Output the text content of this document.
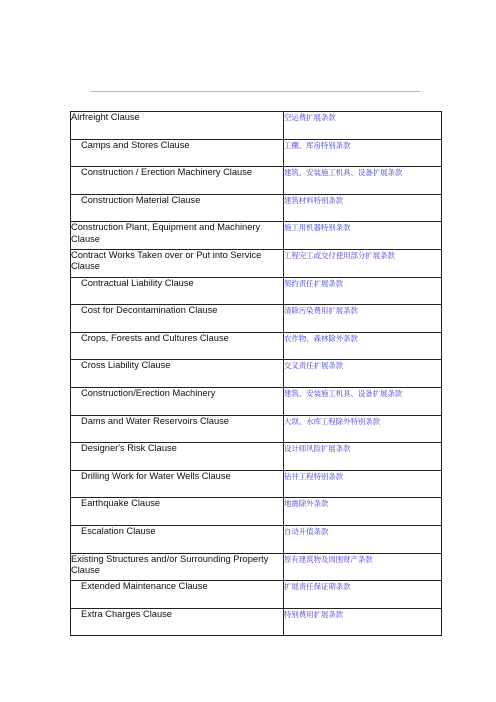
Airfreight Clause	空运费扩展条款
Camps and Stores Clause	工棚、库房特别条款
Construction / Erection Machinery Clause	建筑、安装施工机具、设备扩展条款
Construction Material Clause	建筑材料特别条款
Construction Plant, Equipment and Machinery Clause	施工用机器特别条款
Contract Works Taken over or Put into Service Clause	工程完工或交付使用部分扩展条款
Contractual Liability Clause	契约责任扩展条款
Cost for Decontamination Clause	清除污染费用扩展条款
Crops, Forests and Cultures Clause	农作物、森林除外条款
Cross Liability Clause	交叉责任扩展条款
Construction/Erection Machinery	建筑、安装施工机具、设备扩展条款
Dams and Water Reservoirs Clause	大坝、水库工程除外特别条款
Designer's Risk Clause	设计师风险扩展条款
Drilling Work for Water Wells Clause	钻井工程特别条款
Earthquake Clause	地震除外条款
Escalation Clause	自动升值条款
Existing Structures and/or Surrounding Property Clause	原有建筑物及周围财产条款
Extended Maintenance Clause	扩展责任保证期条款
Extra Charges Clause	特别费用扩展条款
